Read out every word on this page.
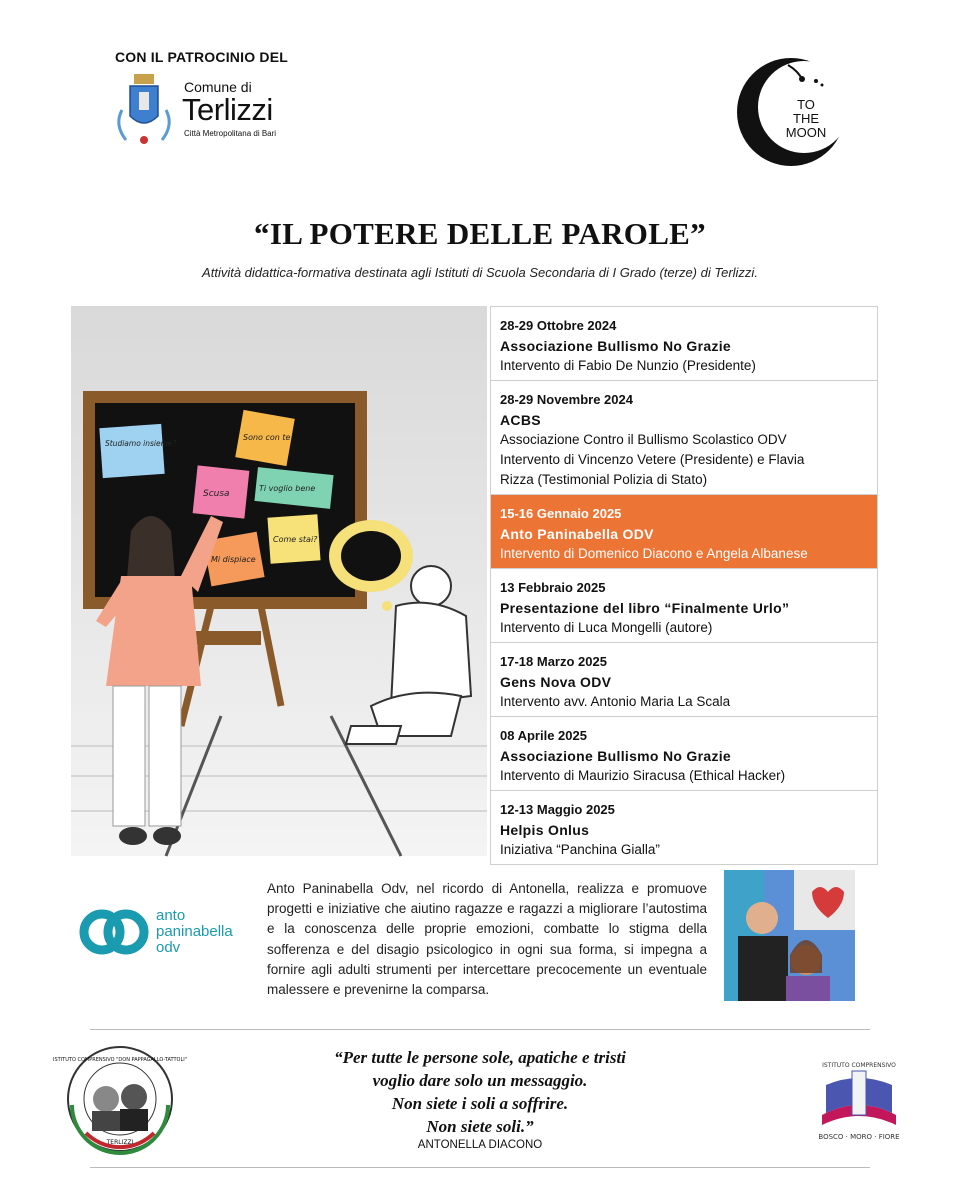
CON IL PATROCINIO DEL
Comune di
Terlizzi
Città Metropolitana di Bari
TO
THE
MOON
“IL POTERE DELLE PAROLE”
Attività didattica-formativa destinata agli Istituti di Scuola Secondaria di I Grado (terze) di Terlizzi.
Studiamo insieme?
Sono con te
Scusa
Ti voglio bene
Come stai?
Mi dispiace
28-29 Ottobre 2024
Associazione Bullismo No Grazie
Intervento di Fabio De Nunzio (Presidente)
28-29 Novembre 2024
ACBS
Associazione Contro il Bullismo Scolastico ODV
Intervento di Vincenzo Vetere (Presidente) e Flavia
Rizza (Testimonial Polizia di Stato)
15-16 Gennaio 2025
Anto Paninabella ODV
Intervento di Domenico Diacono e Angela Albanese
13 Febbraio 2025
Presentazione del libro “Finalmente Urlo”
Intervento di Luca Mongelli (autore)
17-18 Marzo 2025
Gens Nova ODV
Intervento avv. Antonio Maria La Scala
08 Aprile 2025
Associazione Bullismo No Grazie
Intervento di Maurizio Siracusa (Ethical Hacker)
12-13 Maggio 2025
Helpis Onlus
Iniziativa “Panchina Gialla”
anto
paninabella
odv
Anto Paninabella Odv, nel ricordo di Antonella, realizza e promuove progetti e iniziative che aiutino ragazze e ragazzi a migliorare l’autostima e la conoscenza delle proprie emozioni, combatte lo stigma della sofferenza e del disagio psicologico in ogni sua forma, si impegna a fornire agli adulti strumenti per intercettare precocemente un eventuale malessere e prevenirne la comparsa.
ISTITUTO COMPRENSIVO "DON PAPPAGALLO-TATTOLI"
TERLIZZI
“Per tutte le persone sole, apatiche e tristi
voglio dare solo un messaggio.
Non siete i soli a soffrire.
Non siete soli.”
ANTONELLA DIACONO
ISTITUTO COMPRENSIVO
BOSCO · MORO · FIORE
